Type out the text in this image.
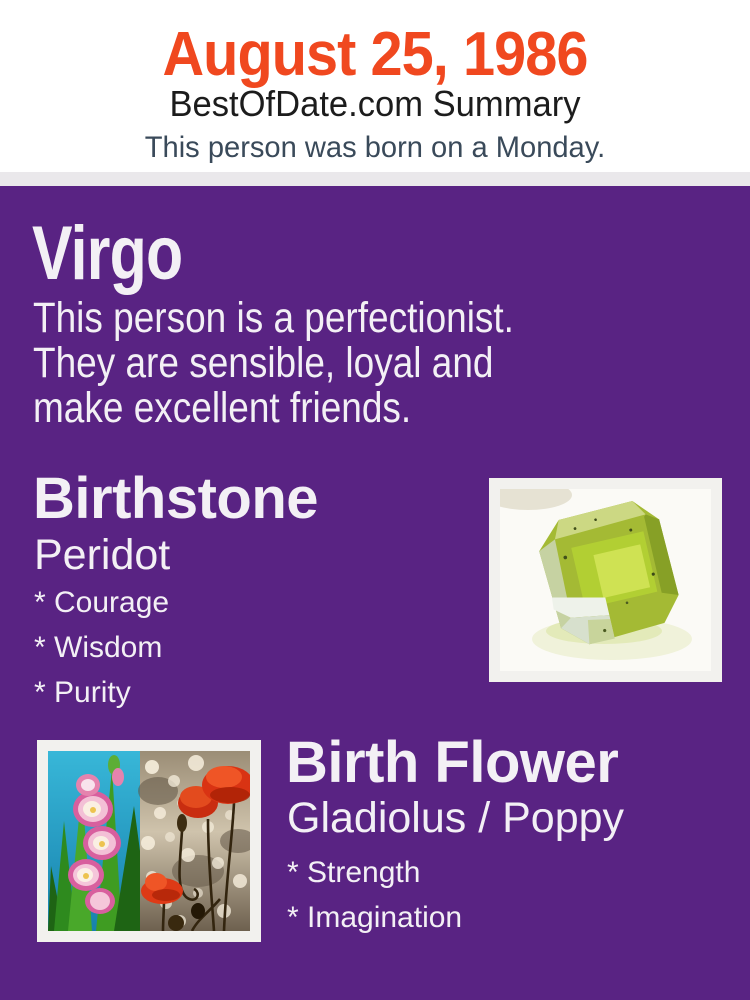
August 25, 1986
BestOfDate.com Summary
This person was born on a Monday.
Virgo
This person is a perfectionist.
They are sensible, loyal and
make excellent friends.
Birthstone
Peridot
* Courage
* Wisdom
* Purity
Birth Flower
Gladiolus / Poppy
* Strength
* Imagination
